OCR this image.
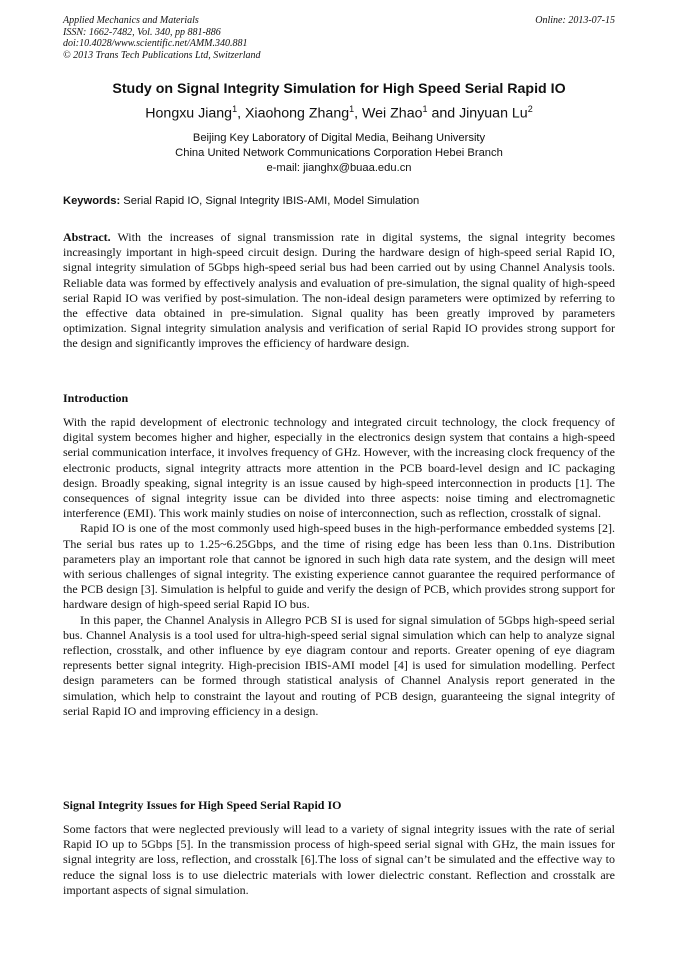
Applied Mechanics and Materials
ISSN: 1662-7482, Vol. 340, pp 881-886
doi:10.4028/www.scientific.net/AMM.340.881
© 2013 Trans Tech Publications Ltd, Switzerland
Online: 2013-07-15
Study on Signal Integrity Simulation for High Speed Serial Rapid IO
Hongxu Jiang$^1$, Xiaohong Zhang$^1$, Wei Zhao$^1$ and Jinyuan Lu$^2$
Beijing Key Laboratory of Digital Media, Beihang University
China United Network Communications Corporation Hebei Branch
e-mail: jianghx@buaa.edu.cn
Keywords: Serial Rapid IO, Signal Integrity IBIS-AMI, Model Simulation

Abstract. With the increases of signal transmission rate in digital systems, the signal integrity becomes increasingly important in high-speed circuit design. During the hardware design of high-speed serial Rapid IO, signal integrity simulation of 5Gbps high-speed serial bus had been carried out by using Channel Analysis tools. Reliable data was formed by effectively analysis and evaluation of pre-simulation, the signal quality of high-speed serial Rapid IO was verified by post-simulation. The non-ideal design parameters were optimized by referring to the effective data obtained in pre-simulation. Signal quality has been greatly improved by parameters optimization. Signal integrity simulation analysis and verification of serial Rapid IO provides strong support for the design and significantly improves the efficiency of hardware design.

Introduction

With the rapid development of electronic technology and integrated circuit technology, the clock frequency of digital system becomes higher and higher, especially in the electronics design system that contains a high-speed serial communication interface, it involves frequency of GHz. However, with the increasing clock frequency of the electronic products, signal integrity attracts more attention in the PCB board-level design and IC packaging design. Broadly speaking, signal integrity is an issue caused by high-speed interconnection in products [1]. The consequences of signal integrity issue can be divided into three aspects: noise timing and electromagnetic interference (EMI). This work mainly studies on noise of interconnection, such as reflection, crosstalk of signal.

Rapid IO is one of the most commonly used high-speed buses in the high-performance embedded systems [2]. The serial bus rates up to 1.25~6.25Gbps, and the time of rising edge has been less than 0.1ns. Distribution parameters play an important role that cannot be ignored in such high data rate system, and the design will meet with serious challenges of signal integrity. The existing experience cannot guarantee the required performance of the PCB design [3]. Simulation is helpful to guide and verify the design of PCB, which provides strong support for hardware design of high-speed serial Rapid IO bus.

In this paper, the Channel Analysis in Allegro PCB SI is used for signal simulation of 5Gbps high-speed serial bus. Channel Analysis is a tool used for ultra-high-speed serial signal simulation which can help to analyze signal reflection, crosstalk, and other influence by eye diagram contour and reports. Greater opening of eye diagram represents better signal integrity. High-precision IBIS-AMI model [4] is used for simulation modelling. Perfect design parameters can be formed through statistical analysis of Channel Analysis report generated in the simulation, which help to constraint the layout and routing of PCB design, guaranteeing the signal integrity of serial Rapid IO and improving efficiency in a design.

Signal Integrity Issues for High Speed Serial Rapid IO

Some factors that were neglected previously will lead to a variety of signal integrity issues with the rate of serial Rapid IO up to 5Gbps [5]. In the transmission process of high-speed serial signal with GHz, the main issues for signal integrity are loss, reflection, and crosstalk [6].The loss of signal can’t be simulated and the effective way to reduce the signal loss is to use dielectric materials with lower dielectric constant. Reflection and crosstalk are important aspects of signal simulation.
